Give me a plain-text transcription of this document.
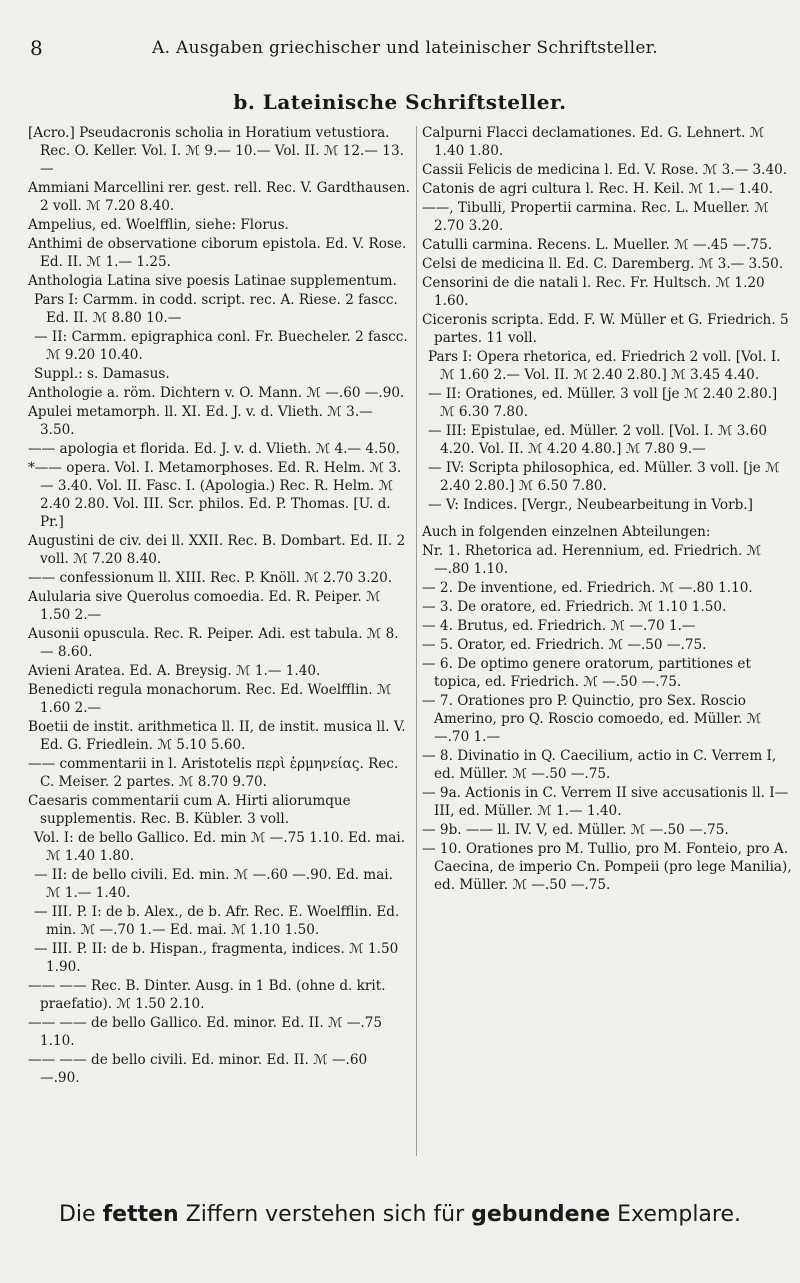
8	A. Ausgaben griechischer und lateinischer Schriftsteller.
b. Lateinische Schriftsteller.
[Acro.] Pseudacronis scholia in Horatium vetustiora. Rec. O. Keller. Vol. I. ℳ 9.— 10.— Vol. II. ℳ 12.— 13.—
Ammiani Marcellini rer. gest. rell. Rec. V. Gardthausen. 2 voll. ℳ 7.20 8.40.
Ampelius, ed. Woelfflin, siehe: Florus.
Anthimi de observatione ciborum epistola. Ed. V. Rose. Ed. II. ℳ 1.— 1.25.
Anthologia Latina sive poesis Latinae supplementum.
Pars I: Carmm. in codd. script. rec. A. Riese. 2 fascc. Ed. II. ℳ 8.80 10.—
— II: Carmm. epigraphica conl. Fr. Buecheler. 2 fascc. ℳ 9.20 10.40.
Suppl.: s. Damasus.
Anthologie a. röm. Dichtern v. O. Mann. ℳ —.60 —.90.
Apulei metamorph. ll. XI. Ed. J. v. d. Vlieth. ℳ 3.— 3.50.
—— apologia et florida. Ed. J. v. d. Vlieth. ℳ 4.— 4.50.
*—— opera. Vol. I. Metamorphoses. Ed. R. Helm. ℳ 3.— 3.40. Vol. II. Fasc. I. (Apologia.) Rec. R. Helm. ℳ 2.40 2.80. Vol. III. Scr. philos. Ed. P. Thomas. [U. d. Pr.]
Augustini de civ. dei ll. XXII. Rec. B. Dombart. Ed. II. 2 voll. ℳ 7.20 8.40.
—— confessionum ll. XIII. Rec. P. Knöll. ℳ 2.70 3.20.
Aulularia sive Querolus comoedia. Ed. R. Peiper. ℳ 1.50 2.—
Ausonii opuscula. Rec. R. Peiper. Adi. est tabula. ℳ 8.— 8.60.
Avieni Aratea. Ed. A. Breysig. ℳ 1.— 1.40.
Benedicti regula monachorum. Rec. Ed. Woelfflin. ℳ 1.60 2.—
Boetii de instit. arithmetica ll. II, de instit. musica ll. V. Ed. G. Friedlein. ℳ 5.10 5.60.
—— commentarii in l. Aristotelis περὶ ἑρμηνείας. Rec. C. Meiser. 2 partes. ℳ 8.70 9.70.
Caesaris commentarii cum A. Hirti aliorumque supplementis. Rec. B. Kübler. 3 voll.
Vol. I: de bello Gallico. Ed. min ℳ —.75 1.10. Ed. mai. ℳ 1.40 1.80.
— II: de bello civili. Ed. min. ℳ —.60 —.90. Ed. mai. ℳ 1.— 1.40.
— III. P. I: de b. Alex., de b. Afr. Rec. E. Woelfflin. Ed. min. ℳ —.70 1.— Ed. mai. ℳ 1.10 1.50.
— III. P. II: de b. Hispan., fragmenta, indices. ℳ 1.50 1.90.
—— —— Rec. B. Dinter. Ausg. in 1 Bd. (ohne d. krit. praefatio). ℳ 1.50 2.10.
—— —— de bello Gallico. Ed. minor. Ed. II. ℳ —.75 1.10.
—— —— de bello civili. Ed. minor. Ed. II. ℳ —.60 —.90.
Calpurni Flacci declamationes. Ed. G. Lehnert. ℳ 1.40 1.80.
Cassii Felicis de medicina l. Ed. V. Rose. ℳ 3.— 3.40.
Catonis de agri cultura l. Rec. H. Keil. ℳ 1.— 1.40.
——, Tibulli, Propertii carmina. Rec. L. Mueller. ℳ 2.70 3.20.
Catulli carmina. Recens. L. Mueller. ℳ —.45 —.75.
Celsi de medicina ll. Ed. C. Daremberg. ℳ 3.— 3.50.
Censorini de die natali l. Rec. Fr. Hultsch. ℳ 1.20 1.60.
Ciceronis scripta. Edd. F. W. Müller et G. Friedrich. 5 partes. 11 voll.
Pars I: Opera rhetorica, ed. Friedrich 2 voll. [Vol. I. ℳ 1.60 2.— Vol. II. ℳ 2.40 2.80.] ℳ 3.45 4.40.
— II: Orationes, ed. Müller. 3 voll [je ℳ 2.40 2.80.] ℳ 6.30 7.80.
— III: Epistulae, ed. Müller. 2 voll. [Vol. I. ℳ 3.60 4.20. Vol. II. ℳ 4.20 4.80.] ℳ 7.80 9.—
— IV: Scripta philosophica, ed. Müller. 3 voll. [je ℳ 2.40 2.80.] ℳ 6.50 7.80.
— V: Indices. [Vergr., Neubearbeitung in Vorb.]
Auch in folgenden einzelnen Abteilungen:
Nr. 1. Rhetorica ad. Herennium, ed. Friedrich. ℳ —.80 1.10.
— 2. De inventione, ed. Friedrich. ℳ —.80 1.10.
— 3. De oratore, ed. Friedrich. ℳ 1.10 1.50.
— 4. Brutus, ed. Friedrich. ℳ —.70 1.—
— 5. Orator, ed. Friedrich. ℳ —.50 —.75.
— 6. De optimo genere oratorum, partitiones et topica, ed. Friedrich. ℳ —.50 —.75.
— 7. Orationes pro P. Quinctio, pro Sex. Roscio Amerino, pro Q. Roscio comoedo, ed. Müller. ℳ —.70 1.—
— 8. Divinatio in Q. Caecilium, actio in C. Verrem I, ed. Müller. ℳ —.50 —.75.
— 9a. Actionis in C. Verrem II sive accusationis ll. I—III, ed. Müller. ℳ 1.— 1.40.
— 9b. —— ll. IV. V, ed. Müller. ℳ —.50 —.75.
— 10. Orationes pro M. Tullio, pro M. Fonteio, pro A. Caecina, de imperio Cn. Pompeii (pro lege Manilia), ed. Müller. ℳ —.50 —.75.
Die fetten Ziffern verstehen sich für gebundene Exemplare.
